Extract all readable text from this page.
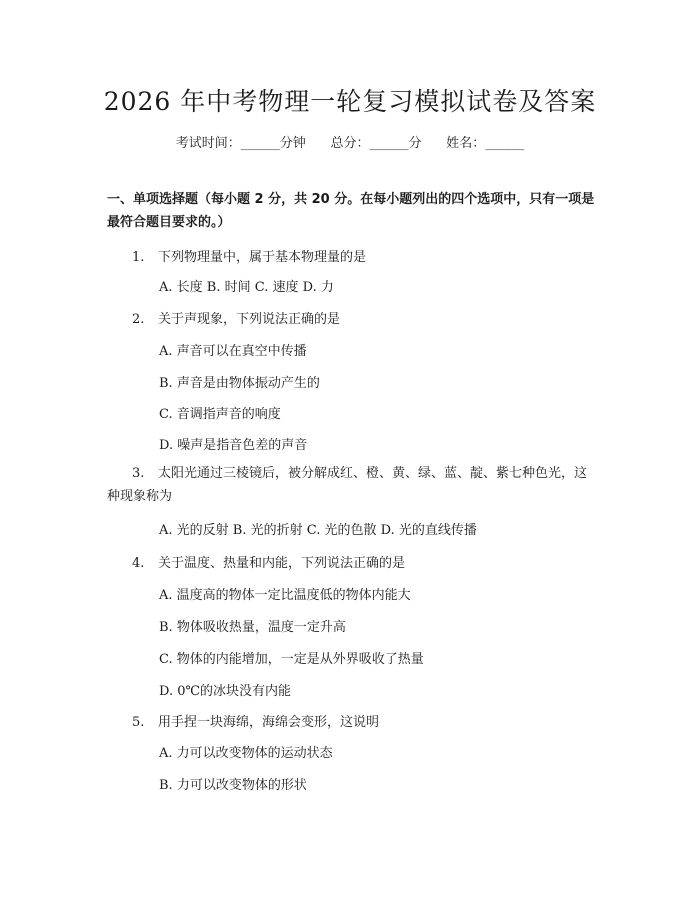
2026 年中考物理一轮复习模拟试卷及答案
考试时间：______分钟      总分：______分      姓名：______
一、单项选择题（每小题 2 分，共 20 分。在每小题列出的四个选项中，只有一项是最符合题目要求的。）
1. 下列物理量中，属于基本物理量的是
A. 长度 B. 时间 C. 速度 D. 力
2. 关于声现象，下列说法正确的是
A. 声音可以在真空中传播
B. 声音是由物体振动产生的
C. 音调指声音的响度
D. 噪声是指音色差的声音
3. 太阳光通过三棱镜后，被分解成红、橙、黄、绿、蓝、靛、紫七种色光，这种现象称为
A. 光的反射 B. 光的折射 C. 光的色散 D. 光的直线传播
4. 关于温度、热量和内能，下列说法正确的是
A. 温度高的物体一定比温度低的物体内能大
B. 物体吸收热量，温度一定升高
C. 物体的内能增加，一定是从外界吸收了热量
D. 0℃的冰块没有内能
5. 用手捏一块海绵，海绵会变形，这说明
A. 力可以改变物体的运动状态
B. 力可以改变物体的形状
